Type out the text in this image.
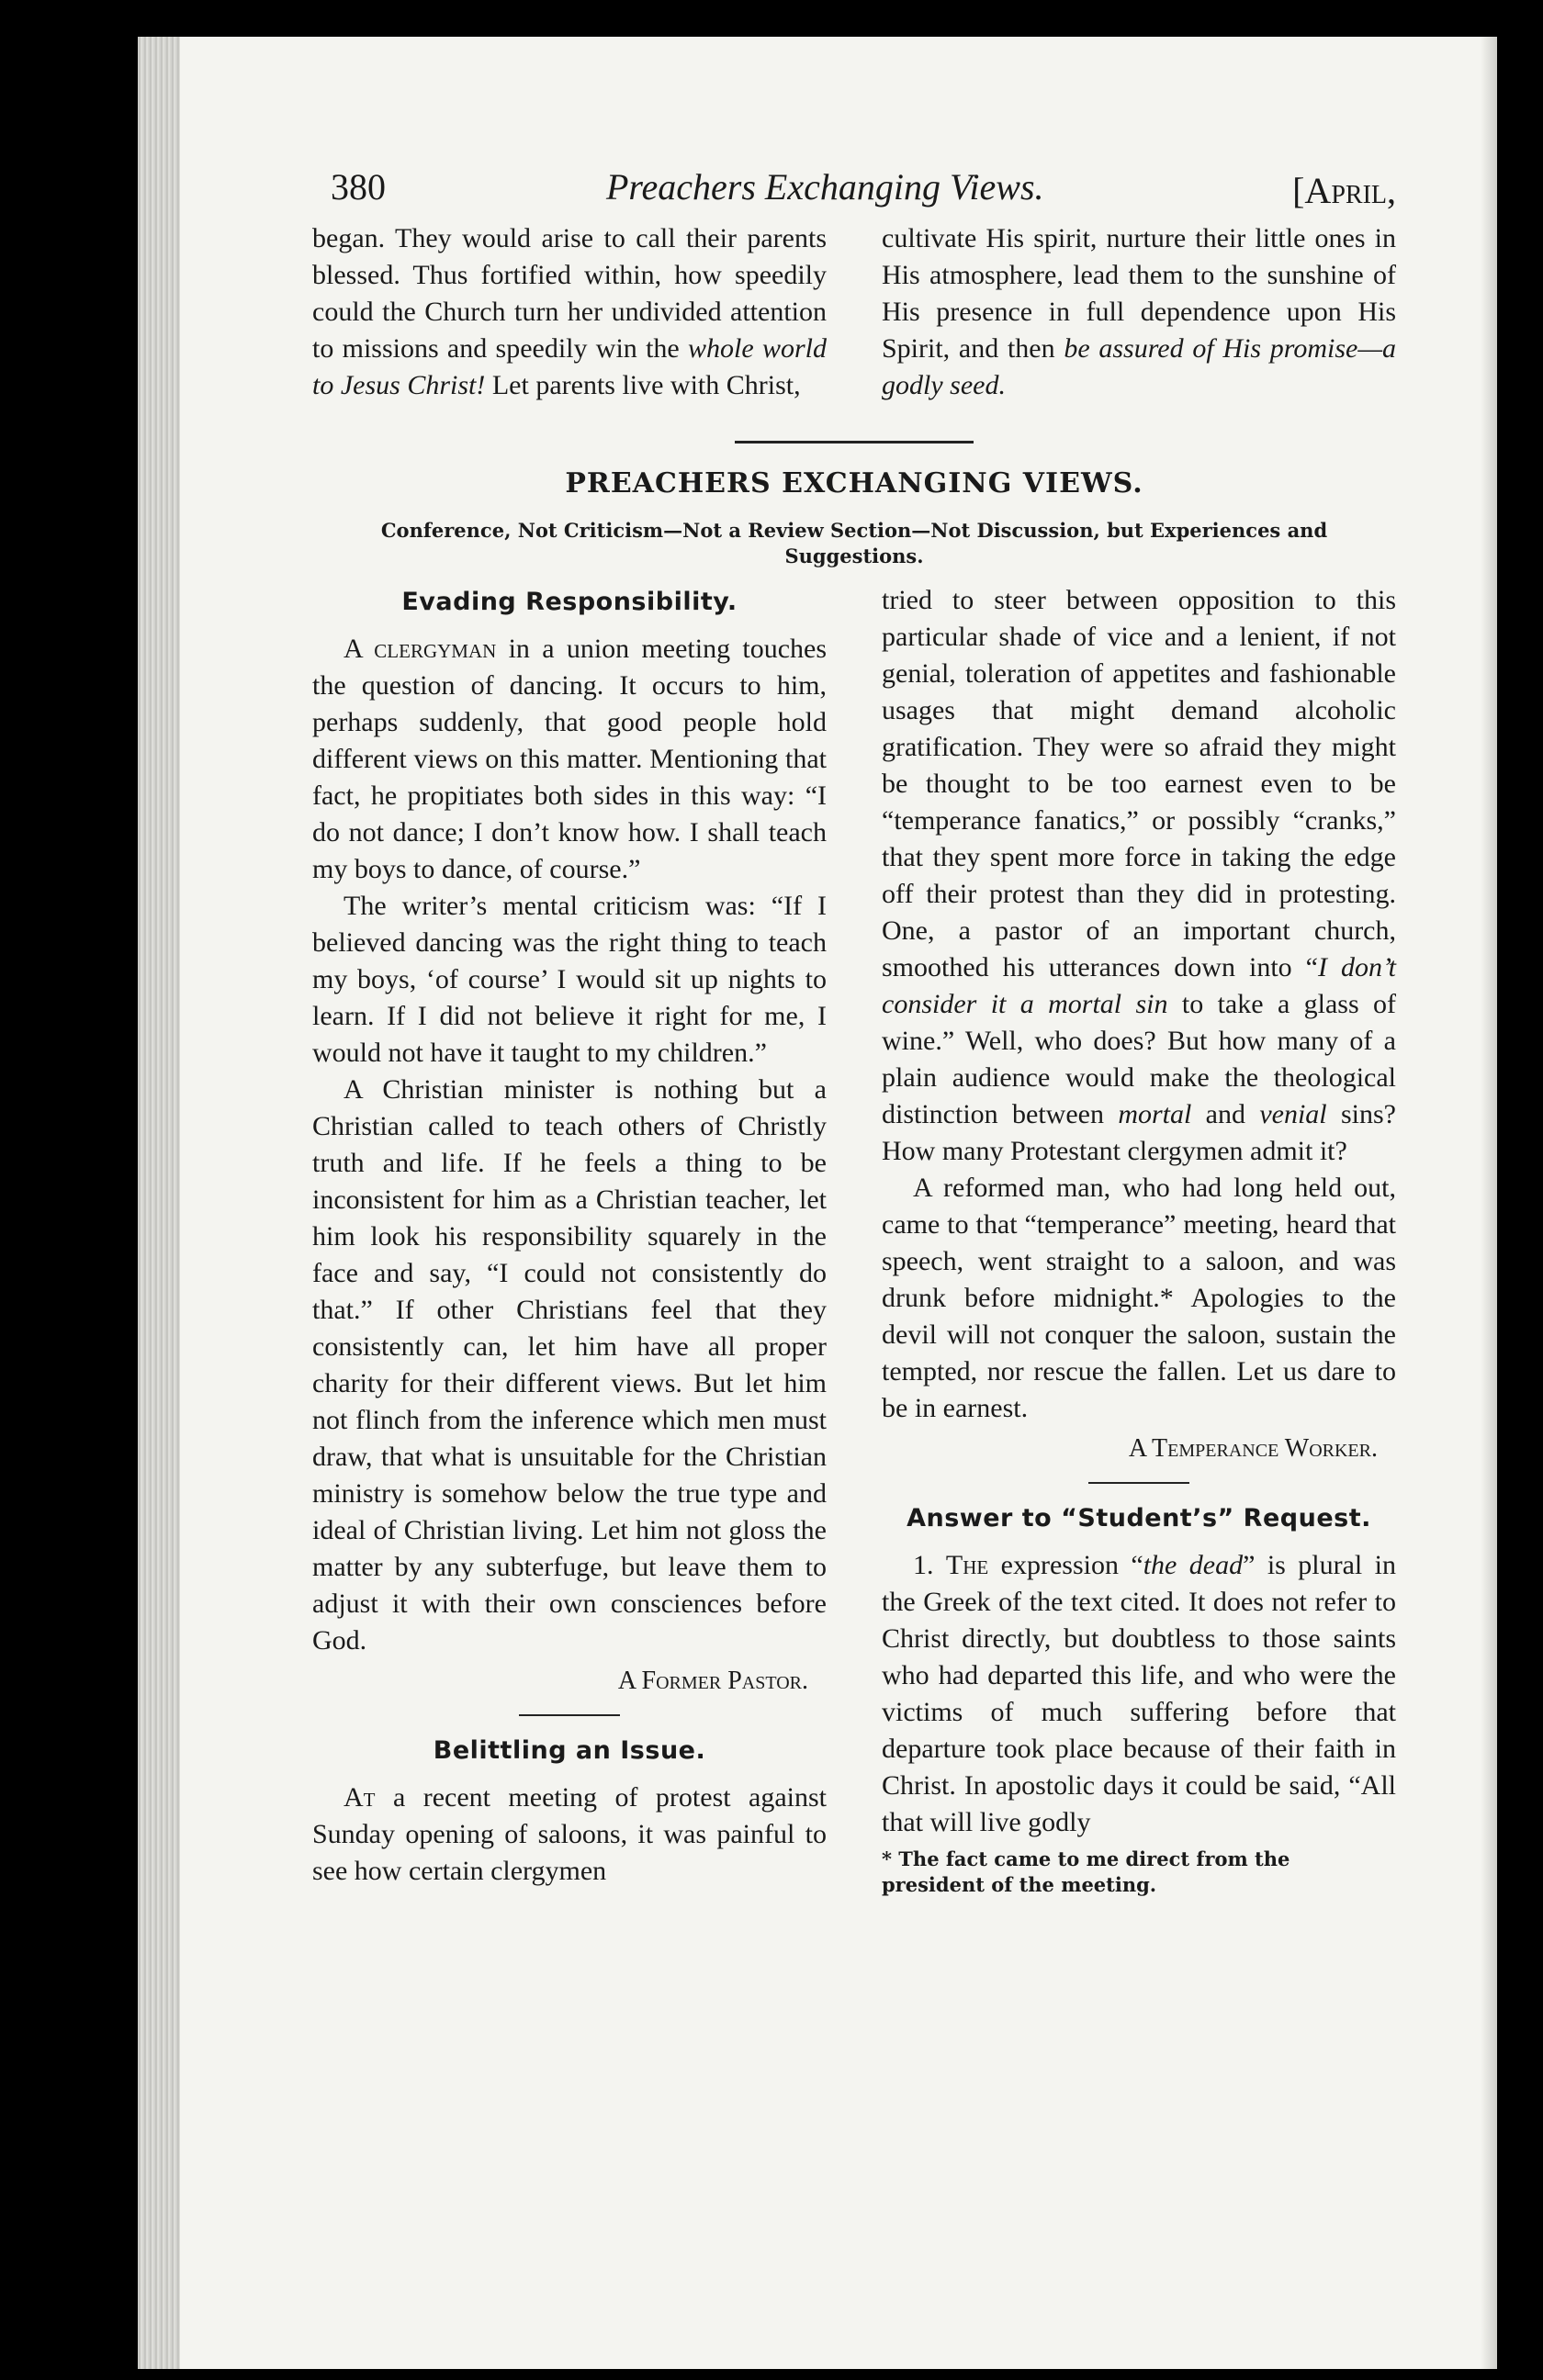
380	Preachers Exchanging Views.	[April,

began. They would arise to call their parents blessed. Thus fortified within, how speedily could the Church turn her undivided attention to missions and speedily win the whole world to Jesus Christ! Let parents live with Christ,

cultivate His spirit, nurture their little ones in His atmosphere, lead them to the sunshine of His presence in full dependence upon His Spirit, and then be assured of His promise—a godly seed.

PREACHERS EXCHANGING VIEWS.
Conference, Not Criticism—Not a Review Section—Not Discussion, but Experiences and Suggestions.
Evading Responsibility.

A clergyman in a union meeting touches the question of dancing. It occurs to him, perhaps suddenly, that good people hold different views on this matter. Mentioning that fact, he propitiates both sides in this way: “I do not dance; I don’t know how. I shall teach my boys to dance, of course.”

The writer’s mental criticism was: “If I believed dancing was the right thing to teach my boys, ‘of course’ I would sit up nights to learn. If I did not believe it right for me, I would not have it taught to my children.”

A Christian minister is nothing but a Christian called to teach others of Christly truth and life. If he feels a thing to be inconsistent for him as a Christian teacher, let him look his responsibility squarely in the face and say, “I could not consistently do that.” If other Christians feel that they consistently can, let him have all proper charity for their different views. But let him not flinch from the inference which men must draw, that what is unsuitable for the Christian ministry is somehow below the true type and ideal of Christian living. Let him not gloss the matter by any subterfuge, but leave them to adjust it with their own consciences before God.

A Former Pastor.
Belittling an Issue.

At a recent meeting of protest against Sunday opening of saloons, it was painful to see how certain clergymen

tried to steer between opposition to this particular shade of vice and a lenient, if not genial, toleration of appetites and fashionable usages that might demand alcoholic gratification. They were so afraid they might be thought to be too earnest even to be “temperance fanatics,” or possibly “cranks,” that they spent more force in taking the edge off their protest than they did in protesting. One, a pastor of an important church, smoothed his utterances down into “I don’t consider it a mortal sin to take a glass of wine.” Well, who does? But how many of a plain audience would make the theological distinction between mortal and venial sins? How many Protestant clergymen admit it?

A reformed man, who had long held out, came to that “temperance” meeting, heard that speech, went straight to a saloon, and was drunk before midnight.* Apologies to the devil will not conquer the saloon, sustain the tempted, nor rescue the fallen. Let us dare to be in earnest.

A Temperance Worker.
Answer to “Student’s” Request.

1. The expression “the dead” is plural in the Greek of the text cited. It does not refer to Christ directly, but doubtless to those saints who had departed this life, and who were the victims of much suffering before that departure took place because of their faith in Christ. In apostolic days it could be said, “All that will live godly

* The fact came to me direct from the president of the meeting.
